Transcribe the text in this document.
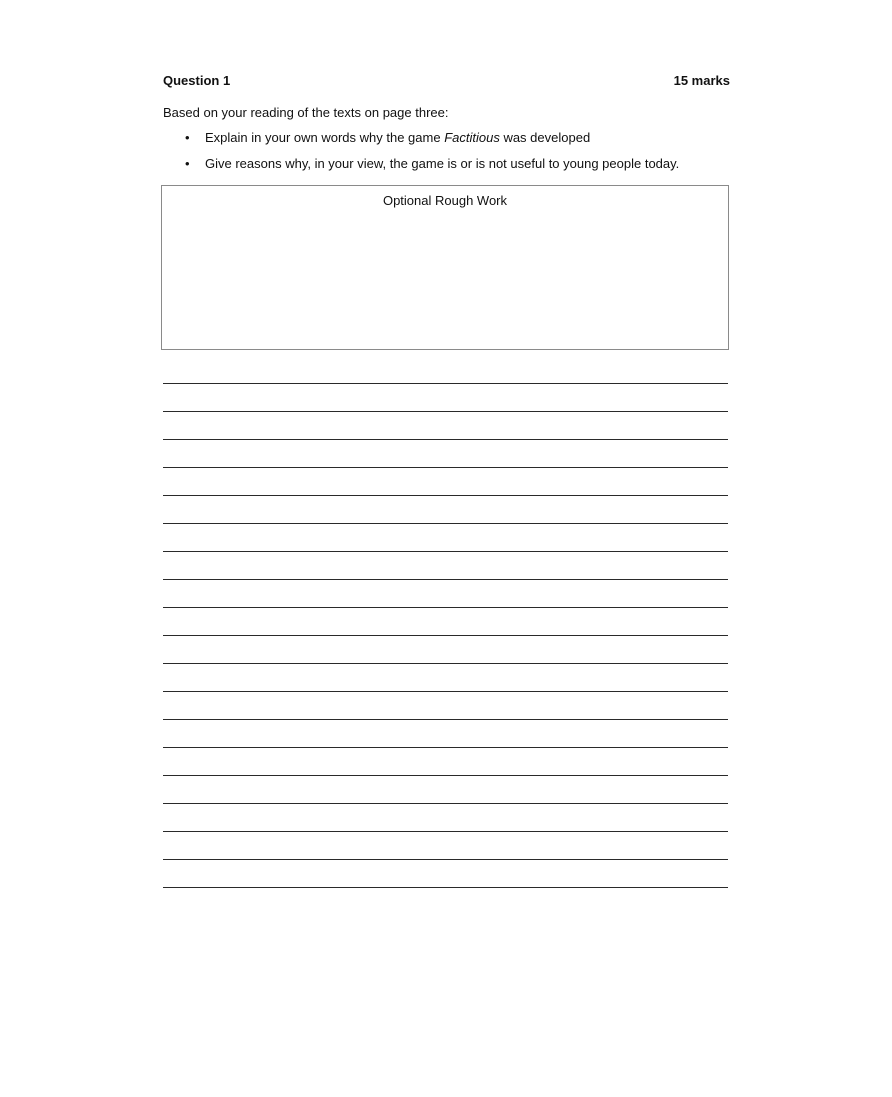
Question 1	15 marks
Based on your reading of the texts on page three:
• Explain in your own words why the game Factitious was developed
• Give reasons why, in your view, the game is or is not useful to young people today.
Optional Rough Work
